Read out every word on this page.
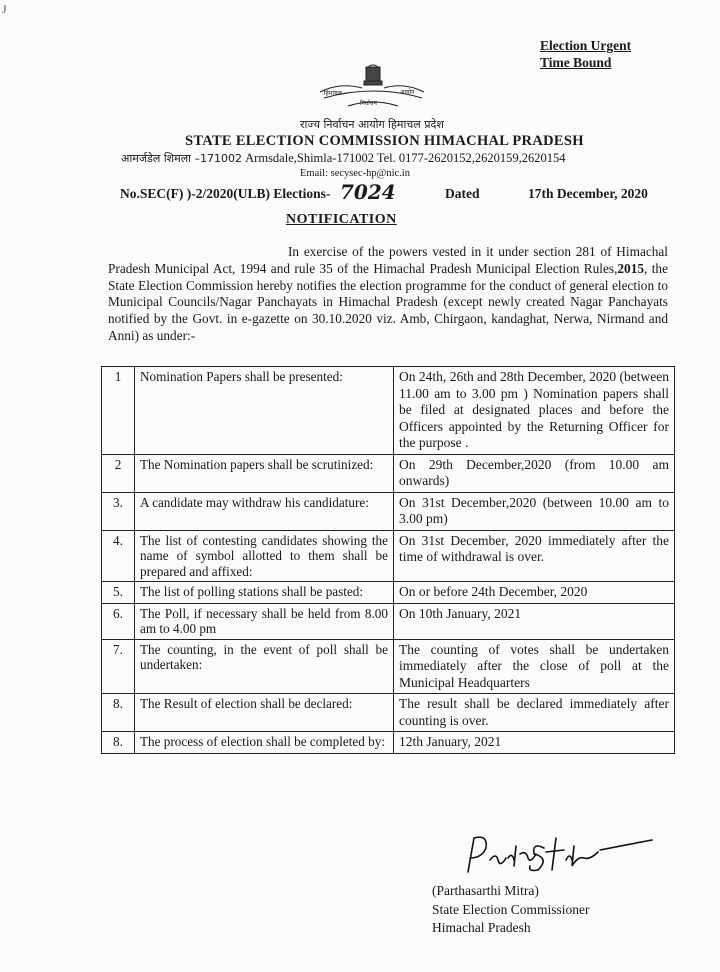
J
Election Urgent
Time Bound
हिमाचल
निर्वाचन
आयोग
राज्य निर्वाचन आयोग हिमाचल प्रदेश
STATE ELECTION COMMISSION HIMACHAL PRADESH
आमर्जडेल शिमला –171002 Armsdale,Shimla-171002 Tel. 0177-2620152,2620159,2620154
Email: secysec-hp@nic.in
No.SEC(F) )-2/2020(ULB) Elections- 7024	Dated	17th December, 2020
NOTIFICATION
In exercise of the powers vested in it under section 281 of Himachal Pradesh Municipal Act, 1994 and rule 35 of the Himachal Pradesh Municipal Election Rules,2015, the State Election Commission hereby notifies the election programme for the conduct of general election to Municipal Councils/Nagar Panchayats in Himachal Pradesh (except newly created Nagar Panchayats notified by the Govt. in e-gazette on 30.10.2020 viz. Amb, Chirgaon, kandaghat, Nerwa, Nirmand and Anni) as under:-
1	Nomination Papers shall be presented:	On 24th, 26th and 28th December, 2020 (between 11.00 am to 3.00 pm ) Nomination papers shall be filed at designated places and before the Officers appointed by the Returning Officer for the purpose .
2	The Nomination papers shall be scrutinized:	On 29th December,2020 (from 10.00 am onwards)
3.	A candidate may withdraw his candidature:	On 31st December,2020 (between 10.00 am to 3.00 pm)
4.	The list of contesting candidates showing the name of symbol allotted to them shall be prepared and affixed:	On 31st December, 2020 immediately after the time of withdrawal is over.
5.	The list of polling stations shall be pasted:	On or before 24th December, 2020
6.	The Poll, if necessary shall be held from 8.00 am to 4.00 pm	On 10th January, 2021
7.	The counting, in the event of poll shall be undertaken:	The counting of votes shall be undertaken immediately after the close of poll at the Municipal Headquarters
8.	The Result of election shall be declared:	The result shall be declared immediately after counting is over.
8.	The process of election shall be completed by:	12th January, 2021
(Parthasarthi Mitra)
State Election Commissioner
Himachal Pradesh
